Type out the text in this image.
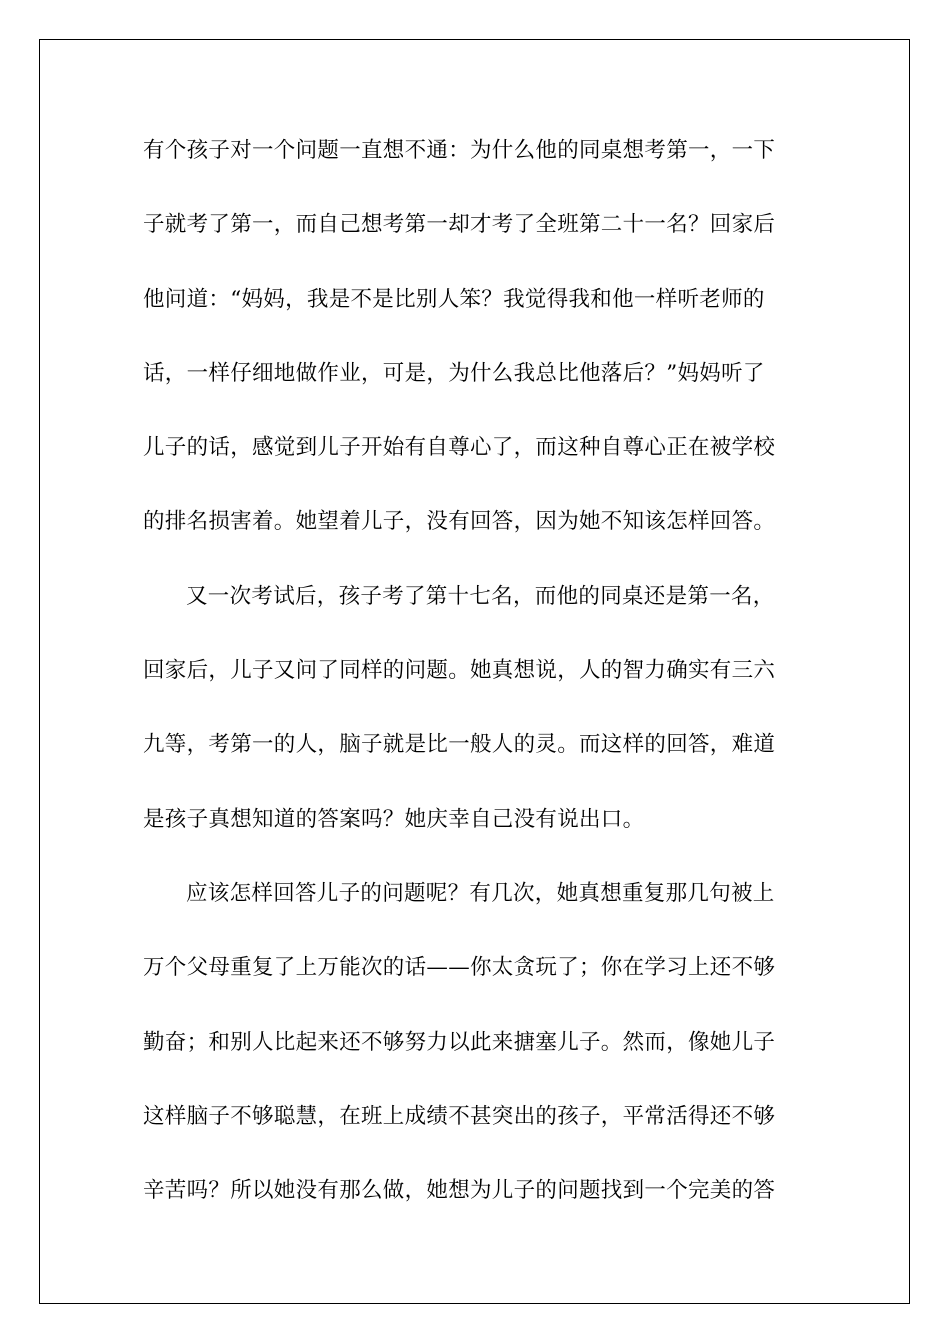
有个孩子对一个问题一直想不通：为什么他的同桌想考第一，一下
子就考了第一，而自己想考第一却才考了全班第二十一名？回家后
他问道：“妈妈，我是不是比别人笨？我觉得我和他一样听老师的
话，一样仔细地做作业，可是，为什么我总比他落后？”妈妈听了
儿子的话，感觉到儿子开始有自尊心了，而这种自尊心正在被学校
的排名损害着。她望着儿子，没有回答，因为她不知该怎样回答。
又一次考试后，孩子考了第十七名，而他的同桌还是第一名，
回家后，儿子又问了同样的问题。她真想说，人的智力确实有三六
九等，考第一的人，脑子就是比一般人的灵。而这样的回答，难道
是孩子真想知道的答案吗？她庆幸自己没有说出口。
应该怎样回答儿子的问题呢？有几次，她真想重复那几句被上
万个父母重复了上万能次的话——你太贪玩了；你在学习上还不够
勤奋；和别人比起来还不够努力以此来搪塞儿子。然而，像她儿子
这样脑子不够聪慧，在班上成绩不甚突出的孩子，平常活得还不够
辛苦吗？所以她没有那么做，她想为儿子的问题找到一个完美的答
